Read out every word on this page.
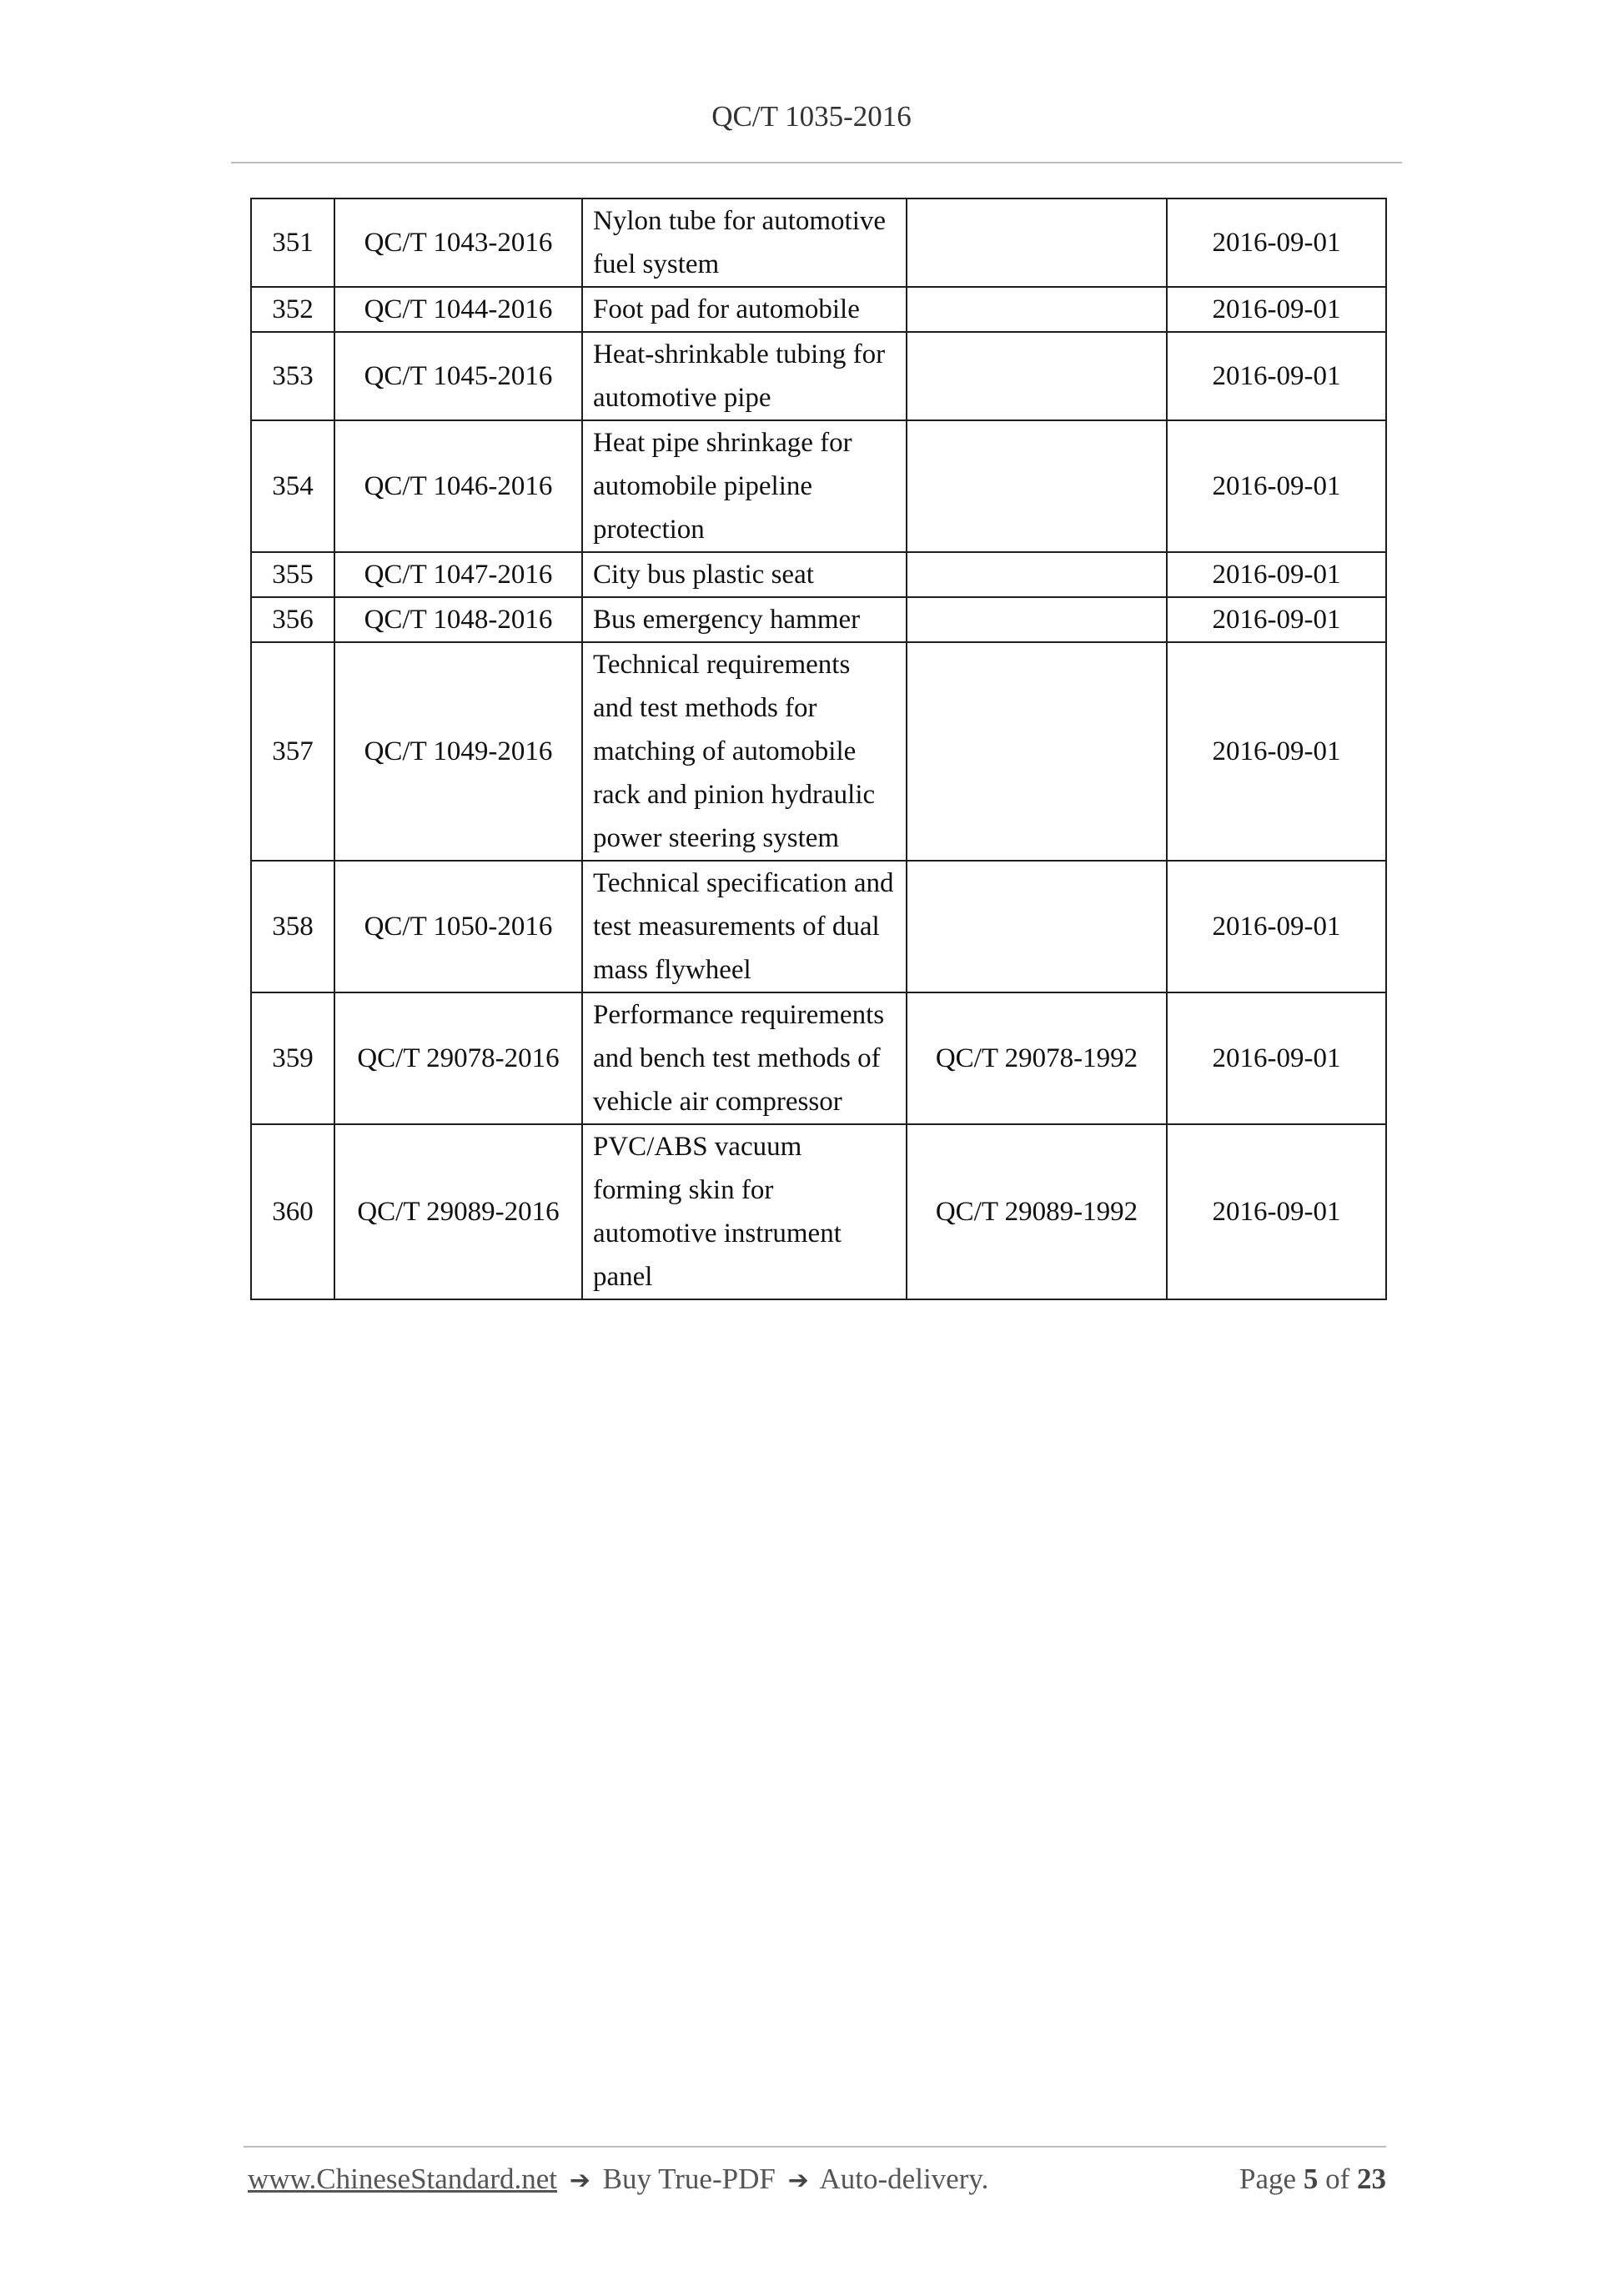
QC/T 1035-2016
351	QC/T 1043-2016	Nylon tube for automotive fuel system		2016-09-01
352	QC/T 1044-2016	Foot pad for automobile		2016-09-01
353	QC/T 1045-2016	Heat-shrinkable tubing for automotive pipe		2016-09-01
354	QC/T 1046-2016	Heat pipe shrinkage for automobile pipeline protection		2016-09-01
355	QC/T 1047-2016	City bus plastic seat		2016-09-01
356	QC/T 1048-2016	Bus emergency hammer		2016-09-01
357	QC/T 1049-2016	Technical requirements and test methods for matching of automobile rack and pinion hydraulic power steering system		2016-09-01
358	QC/T 1050-2016	Technical specification and test measurements of dual mass flywheel		2016-09-01
359	QC/T 29078-2016	Performance requirements and bench test methods of vehicle air compressor	QC/T 29078-1992	2016-09-01
360	QC/T 29089-2016	PVC/ABS vacuum forming skin for automotive instrument panel	QC/T 29089-1992	2016-09-01
www.ChineseStandard.net ➔ Buy True-PDF ➔ Auto-delivery.	Page 5 of 23
